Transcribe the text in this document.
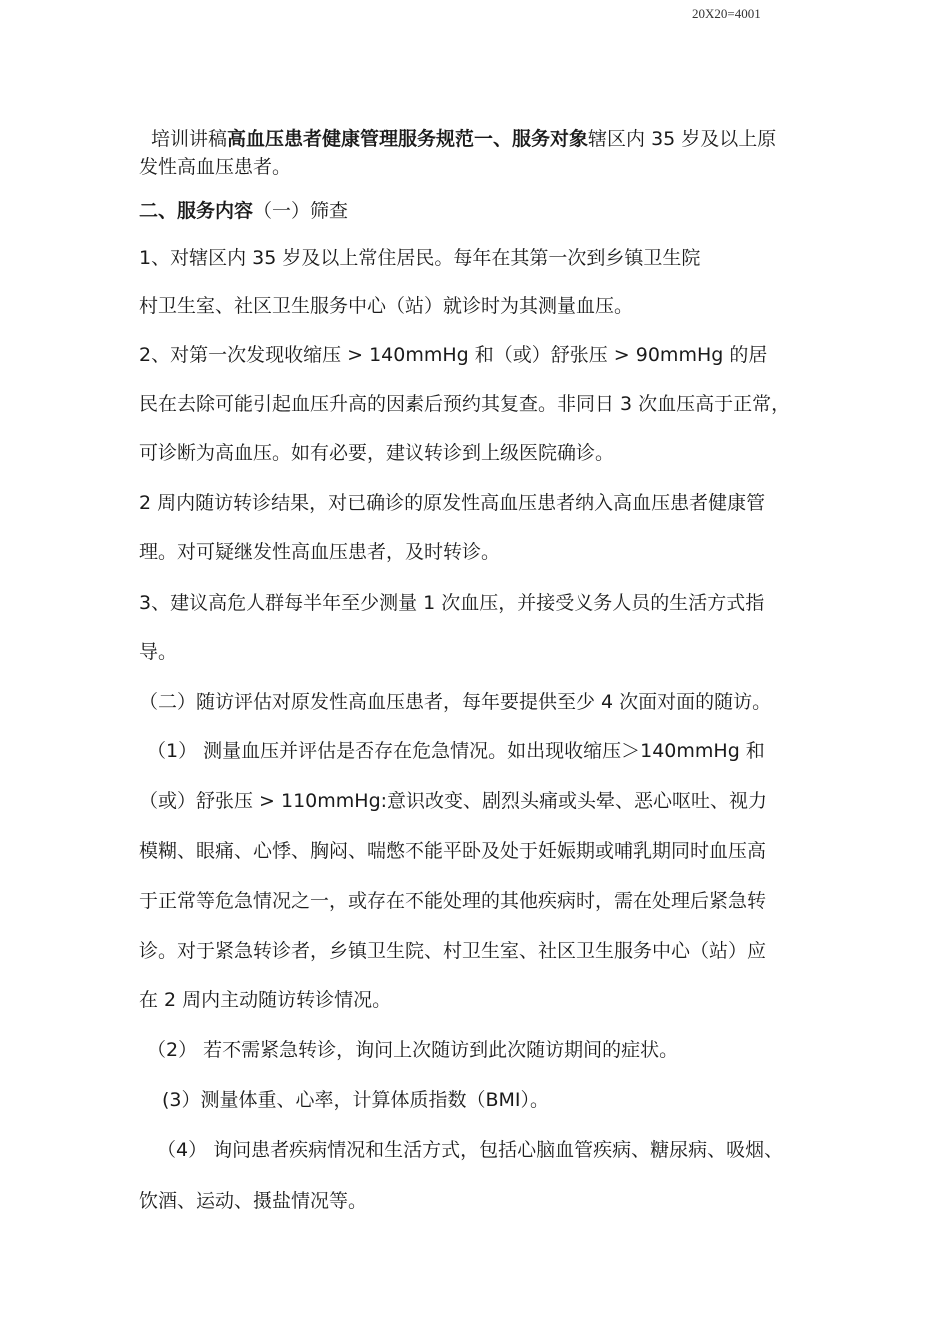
20X20=4001
培训讲稿高血压患者健康管理服务规范一、服务对象辖区内 35 岁及以上原
发性高血压患者。
二、服务内容（一）筛查
1、对辖区内 35 岁及以上常住居民。每年在其第一次到乡镇卫生院
村卫生室、社区卫生服务中心（站）就诊时为其测量血压。
2、对第一次发现收缩压 > 140mmHg 和（或）舒张压 > 90mmHg 的居
民在去除可能引起血压升高的因素后预约其复查。非同日 3 次血压高于正常，
可诊断为高血压。如有必要，建议转诊到上级医院确诊。
2 周内随访转诊结果，对已确诊的原发性高血压患者纳入高血压患者健康管
理。对可疑继发性高血压患者，及时转诊。
3、建议高危人群每半年至少测量 1 次血压，并接受义务人员的生活方式指
导。
（二）随访评估对原发性高血压患者，每年要提供至少 4 次面对面的随访。
（1） 测量血压并评估是否存在危急情况。如出现收缩压＞140mmHg 和
（或）舒张压 > 110mmHg:意识改变、剧烈头痛或头晕、恶心呕吐、视力
模糊、眼痛、心悸、胸闷、喘憋不能平卧及处于妊娠期或哺乳期同时血压高
于正常等危急情况之一，或存在不能处理的其他疾病时，需在处理后紧急转
诊。对于紧急转诊者，乡镇卫生院、村卫生室、社区卫生服务中心（站）应
在 2 周内主动随访转诊情况。
（2） 若不需紧急转诊，询问上次随访到此次随访期间的症状。
(3）测量体重、心率，计算体质指数（BMI）。
（4） 询问患者疾病情况和生活方式，包括心脑血管疾病、糖尿病、吸烟、
饮酒、运动、摄盐情况等。
